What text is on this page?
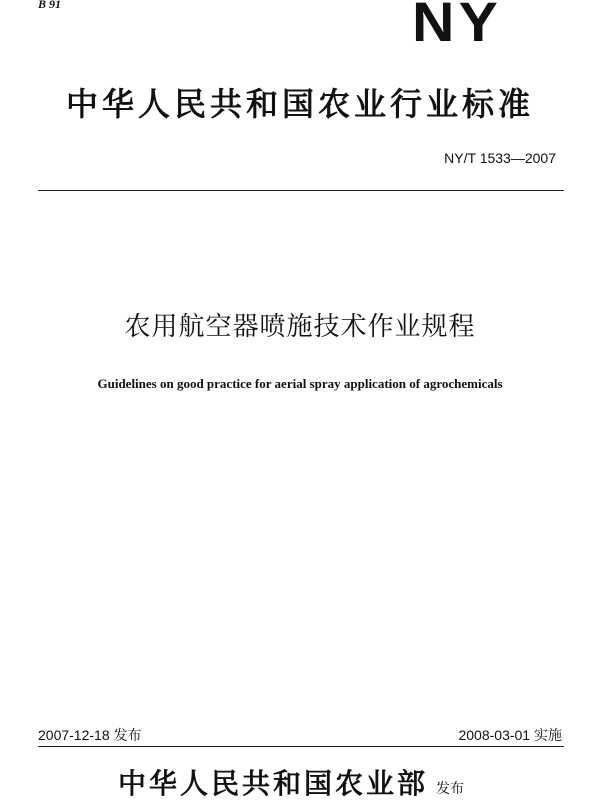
B 91	NY
中华人民共和国农业行业标准
NY/T 1533—2007
农用航空器喷施技术作业规程
Guidelines on good practice for aerial spray application of agrochemicals
2007-12-18 发布	2008-03-01 实施
中华人民共和国农业部 发布
